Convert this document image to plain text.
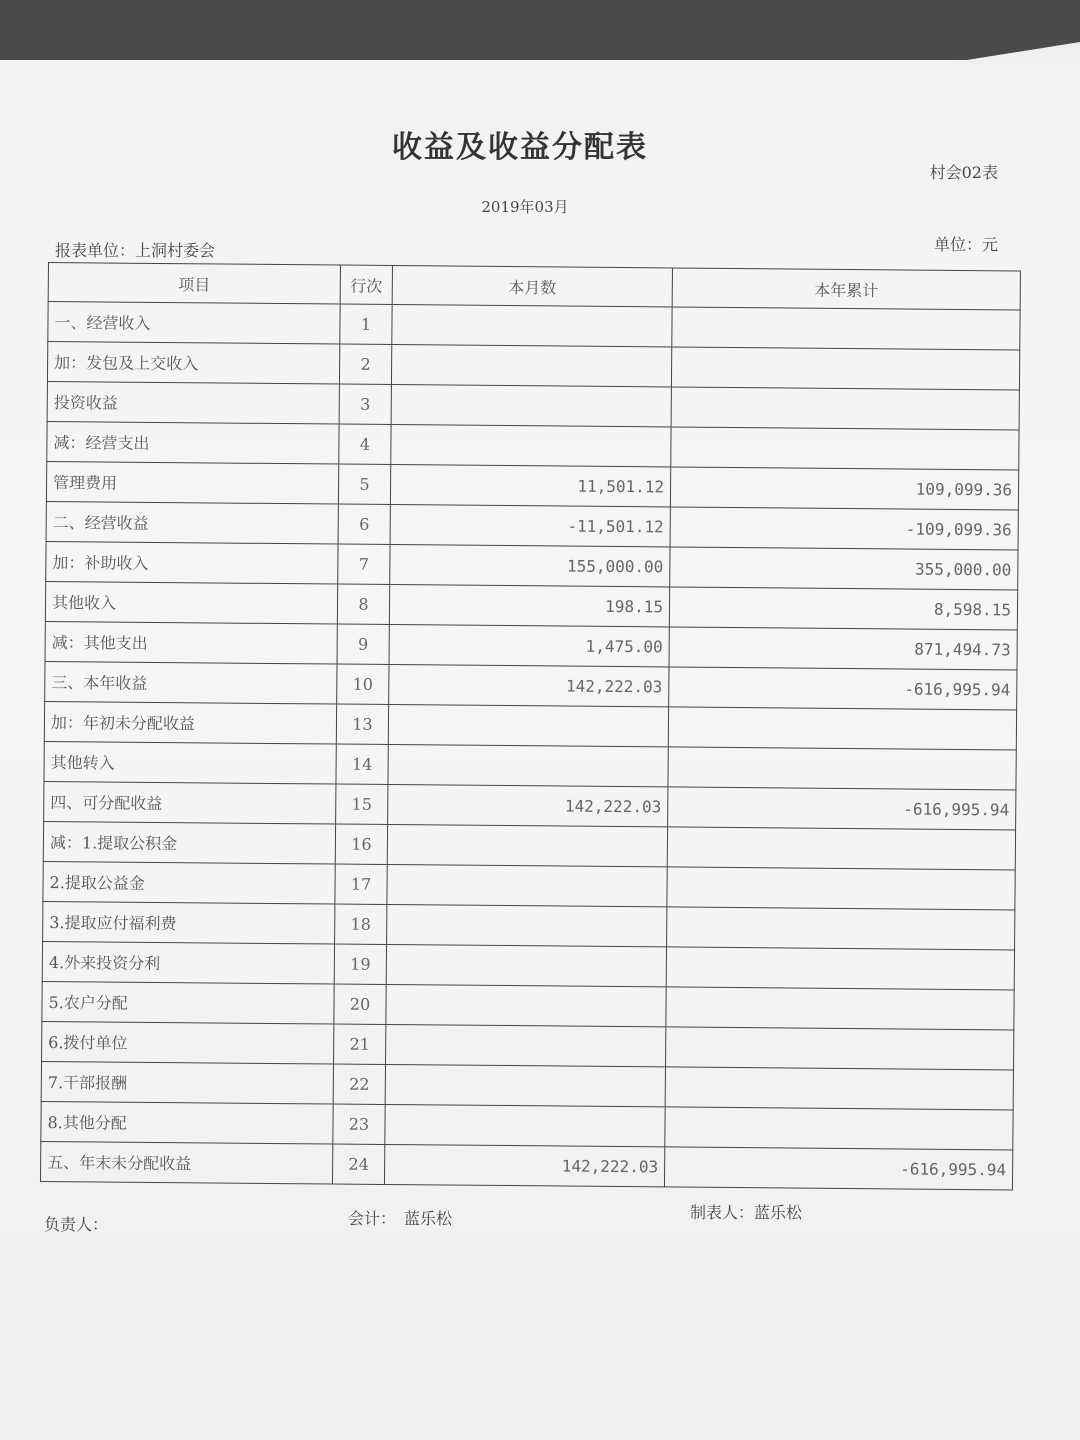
收益及收益分配表
村会02表
2019年03月
报表单位：上洞村委会	单位：元
项目	行次	本月数	本年累计
一、经营收入	1		
加：发包及上交收入	2		
投资收益	3		
减：经营支出	4		
管理费用	5	11,501.12	109,099.36
二、经营收益	6	-11,501.12	-109,099.36
加：补助收入	7	155,000.00	355,000.00
其他收入	8	198.15	8,598.15
减：其他支出	9	1,475.00	871,494.73
三、本年收益	10	142,222.03	-616,995.94
加：年初未分配收益	13		
其他转入	14		
四、可分配收益	15	142,222.03	-616,995.94
减：1.提取公积金	16		
2.提取公益金	17		
3.提取应付福利费	18		
4.外来投资分利	19		
5.农户分配	20		
6.拨付单位	21		
7.干部报酬	22		
8.其他分配	23		
五、年末未分配收益	24	142,222.03	-616,995.94
负责人：	会计：　蓝乐松	制表人：蓝乐松
